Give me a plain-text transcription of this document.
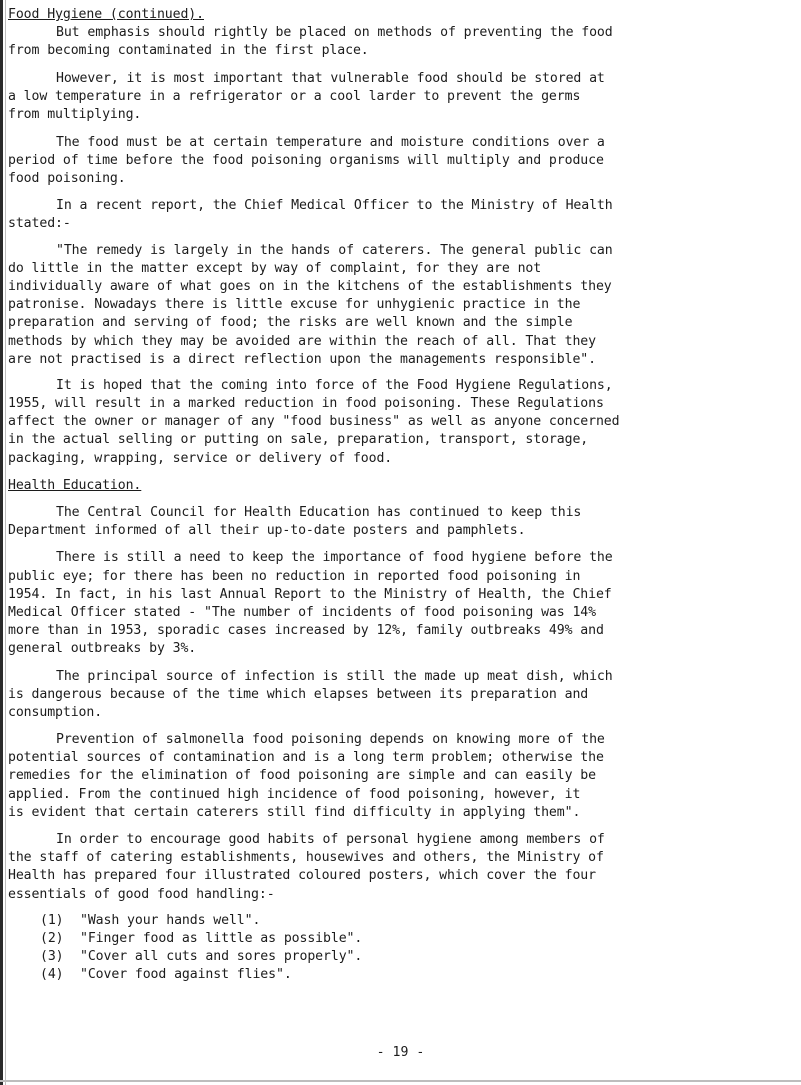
Food Hygiene (continued).
But emphasis should rightly be placed on methods of preventing the food
from becoming contaminated in the first place.
However, it is most important that vulnerable food should be stored at
a low temperature in a refrigerator or a cool larder to prevent the germs
from multiplying.
The food must be at certain temperature and moisture conditions over a
period of time before the food poisoning organisms will multiply and produce
food poisoning.
In a recent report, the Chief Medical Officer to the Ministry of Health
stated:-
"The remedy is largely in the hands of caterers. The general public can
do little in the matter except by way of complaint, for they are not
individually aware of what goes on in the kitchens of the establishments they
patronise. Nowadays there is little excuse for unhygienic practice in the
preparation and serving of food; the risks are well known and the simple
methods by which they may be avoided are within the reach of all. That they
are not practised is a direct reflection upon the managements responsible".
It is hoped that the coming into force of the Food Hygiene Regulations,
1955, will result in a marked reduction in food poisoning. These Regulations
affect the owner or manager of any "food business" as well as anyone concerned
in the actual selling or putting on sale, preparation, transport, storage,
packaging, wrapping, service or delivery of food.
Health Education.
The Central Council for Health Education has continued to keep this
Department informed of all their up-to-date posters and pamphlets.
There is still a need to keep the importance of food hygiene before the
public eye; for there has been no reduction in reported food poisoning in
1954. In fact, in his last Annual Report to the Ministry of Health, the Chief
Medical Officer stated - "The number of incidents of food poisoning was 14%
more than in 1953, sporadic cases increased by 12%, family outbreaks 49% and
general outbreaks by 3%.
The principal source of infection is still the made up meat dish, which
is dangerous because of the time which elapses between its preparation and
consumption.
Prevention of salmonella food poisoning depends on knowing more of the
potential sources of contamination and is a long term problem; otherwise the
remedies for the elimination of food poisoning are simple and can easily be
applied. From the continued high incidence of food poisoning, however, it
is evident that certain caterers still find difficulty in applying them".
In order to encourage good habits of personal hygiene among members of
the staff of catering establishments, housewives and others, the Ministry of
Health has prepared four illustrated coloured posters, which cover the four
essentials of good food handling:-
(1) "Wash your hands well".
(2) "Finger food as little as possible".
(3) "Cover all cuts and sores properly".
(4) "Cover food against flies".
- 19 -
